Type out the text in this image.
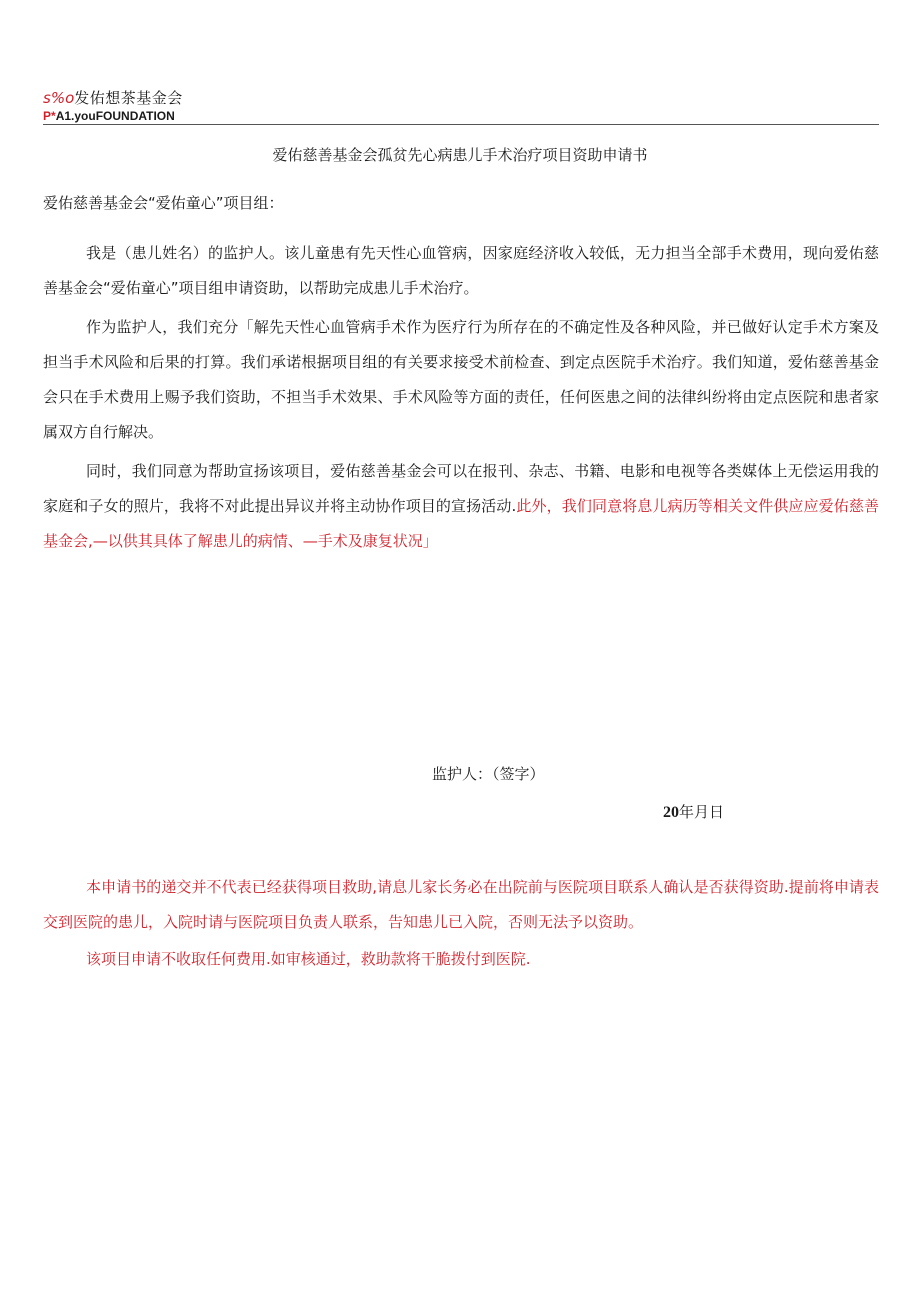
s%o发佑想茶基金会
P*A1.youFOUNDATION
爱佑慈善基金会孤贫先心病患儿手术治疗项目资助申请书
爱佑慈善基金会“爱佑童心”项目组：

我是（患儿姓名）的监护人。该儿童患有先天性心血管病，因家庭经济收入较低，无力担当全部手术费用，现向爱佑慈善基金会“爱佑童心”项目组申请资助，以帮助完成患儿手术治疗。

作为监护人，我们充分「解先天性心血管病手术作为医疗行为所存在的不确定性及各种风险，并已做好认定手术方案及担当手术风险和后果的打算。我们承诺根据项目组的有关要求接受术前检查、到定点医院手术治疗。我们知道，爱佑慈善基金会只在手术费用上赐予我们资助，不担当手术效果、手术风险等方面的责任，任何医患之间的法律纠纷将由定点医院和患者家属双方自行解决。

同时，我们同意为帮助宣扬该项目，爱佑慈善基金会可以在报刊、杂志、书籍、电影和电视等各类媒体上无偿运用我的家庭和子女的照片，我将不对此提出异议并将主动协作项目的宣扬活动.此外，我们同意将息儿病历等相关文件供应应爱佑慈善基金会,—以供其具体了解患儿的病情、—手术及康复状况」

监护人：（签字）
20年月日

本申请书的递交并不代表已经获得项目救助,请息儿家长务必在出院前与医院项目联系人确认是否获得资助.提前将申请表交到医院的患儿，入院时请与医院项目负责人联系，告知患儿已入院，否则无法予以资助。

该项目申请不收取任何费用.如审核通过，救助款将干脆拨付到医院.
